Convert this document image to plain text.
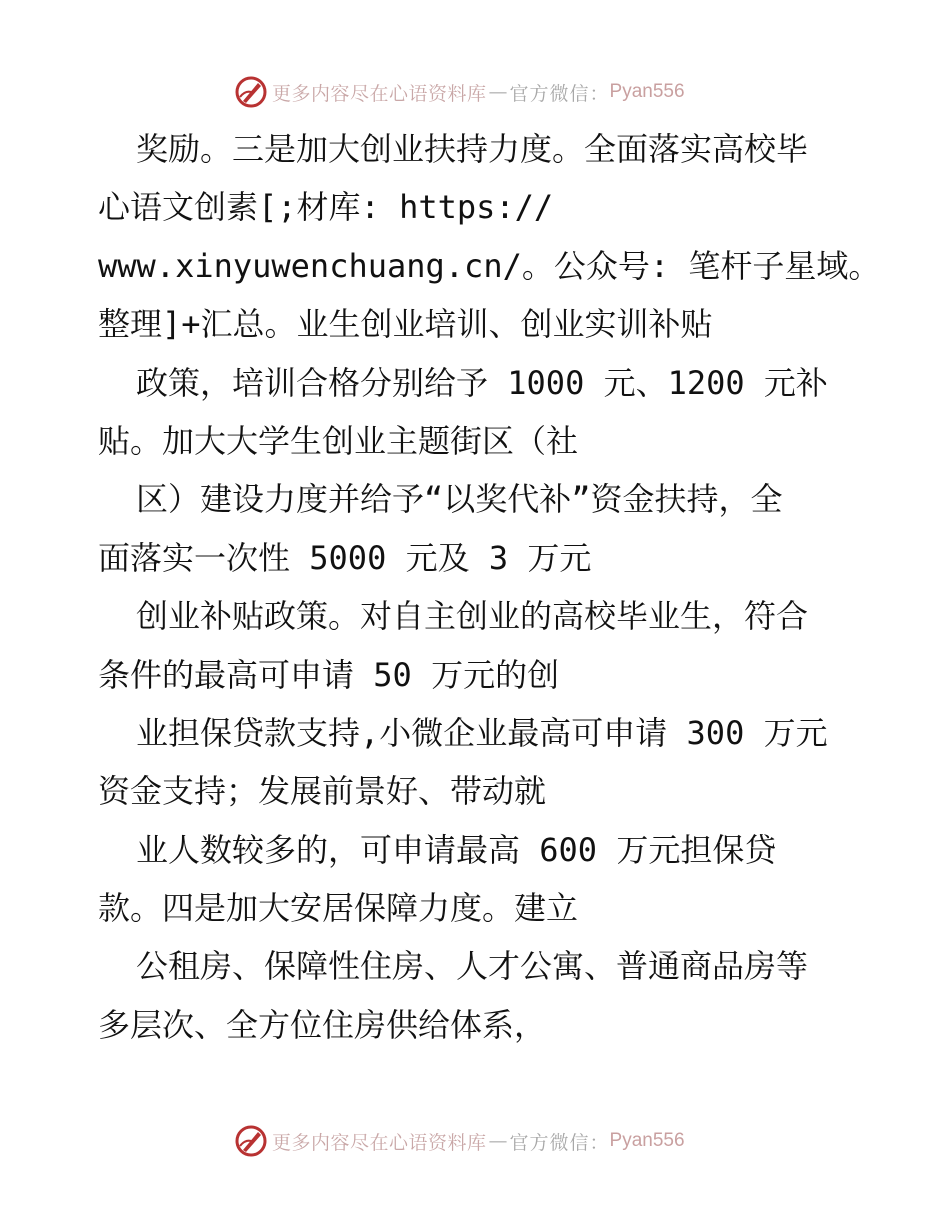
更多内容尽在心语资料库 — 官方微信： Pyan556
奖励。三是加大创业扶持力度。全面落实高校毕
心语文创素[;材库: https://
www.xinyuwenchuang.cn/。公众号: 笔杆子星域。
整理]+汇总。业生创业培训、创业实训补贴
政策，培训合格分别给予 1000 元、1200 元补
贴。加大大学生创业主题街区（社
区）建设力度并给予“以奖代补”资金扶持，全
面落实一次性 5000 元及 3 万元
创业补贴政策。对自主创业的高校毕业生，符合
条件的最高可申请 50 万元的创
业担保贷款支持,小微企业最高可申请 300 万元
资金支持；发展前景好、带动就
业人数较多的，可申请最高 600 万元担保贷
款。四是加大安居保障力度。建立
公租房、保障性住房、人才公寓、普通商品房等
多层次、全方位住房供给体系，
更多内容尽在心语资料库 — 官方微信： Pyan556
